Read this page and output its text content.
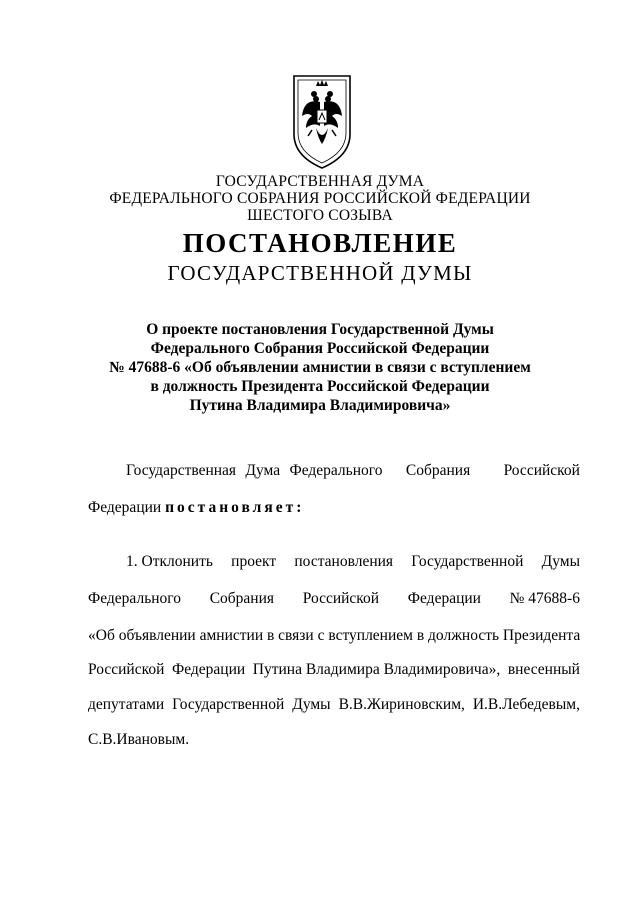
ГОСУДАРСТВЕННАЯ ДУМА
ФЕДЕРАЛЬНОГО СОБРАНИЯ РОССИЙСКОЙ ФЕДЕРАЦИИ
ШЕСТОГО СОЗЫВА
ПОСТАНОВЛЕНИЕ
ГОСУДАРСТВЕННОЙ ДУМЫ
О проекте постановления Государственной Думы
Федерального Собрания Российской Федерации
№ 47688-6 «Об объявлении амнистии в связи с вступлением
в должность Президента Российской Федерации
Путина Владимира Владимировича»
Государственная Дума Федерального Собрания Российской
Федерации постановляет:
1. Отклонить проект постановления Государственной Думы
Федерального Собрания Российской Федерации № 47688-6
«Об объявлении амнистии в связи с вступлением в должность Президента
Российской Федерации Путина Владимира Владимировича», внесенный
депутатами Государственной Думы В.В.Жириновским, И.В.Лебедевым,
С.В.Ивановым.
